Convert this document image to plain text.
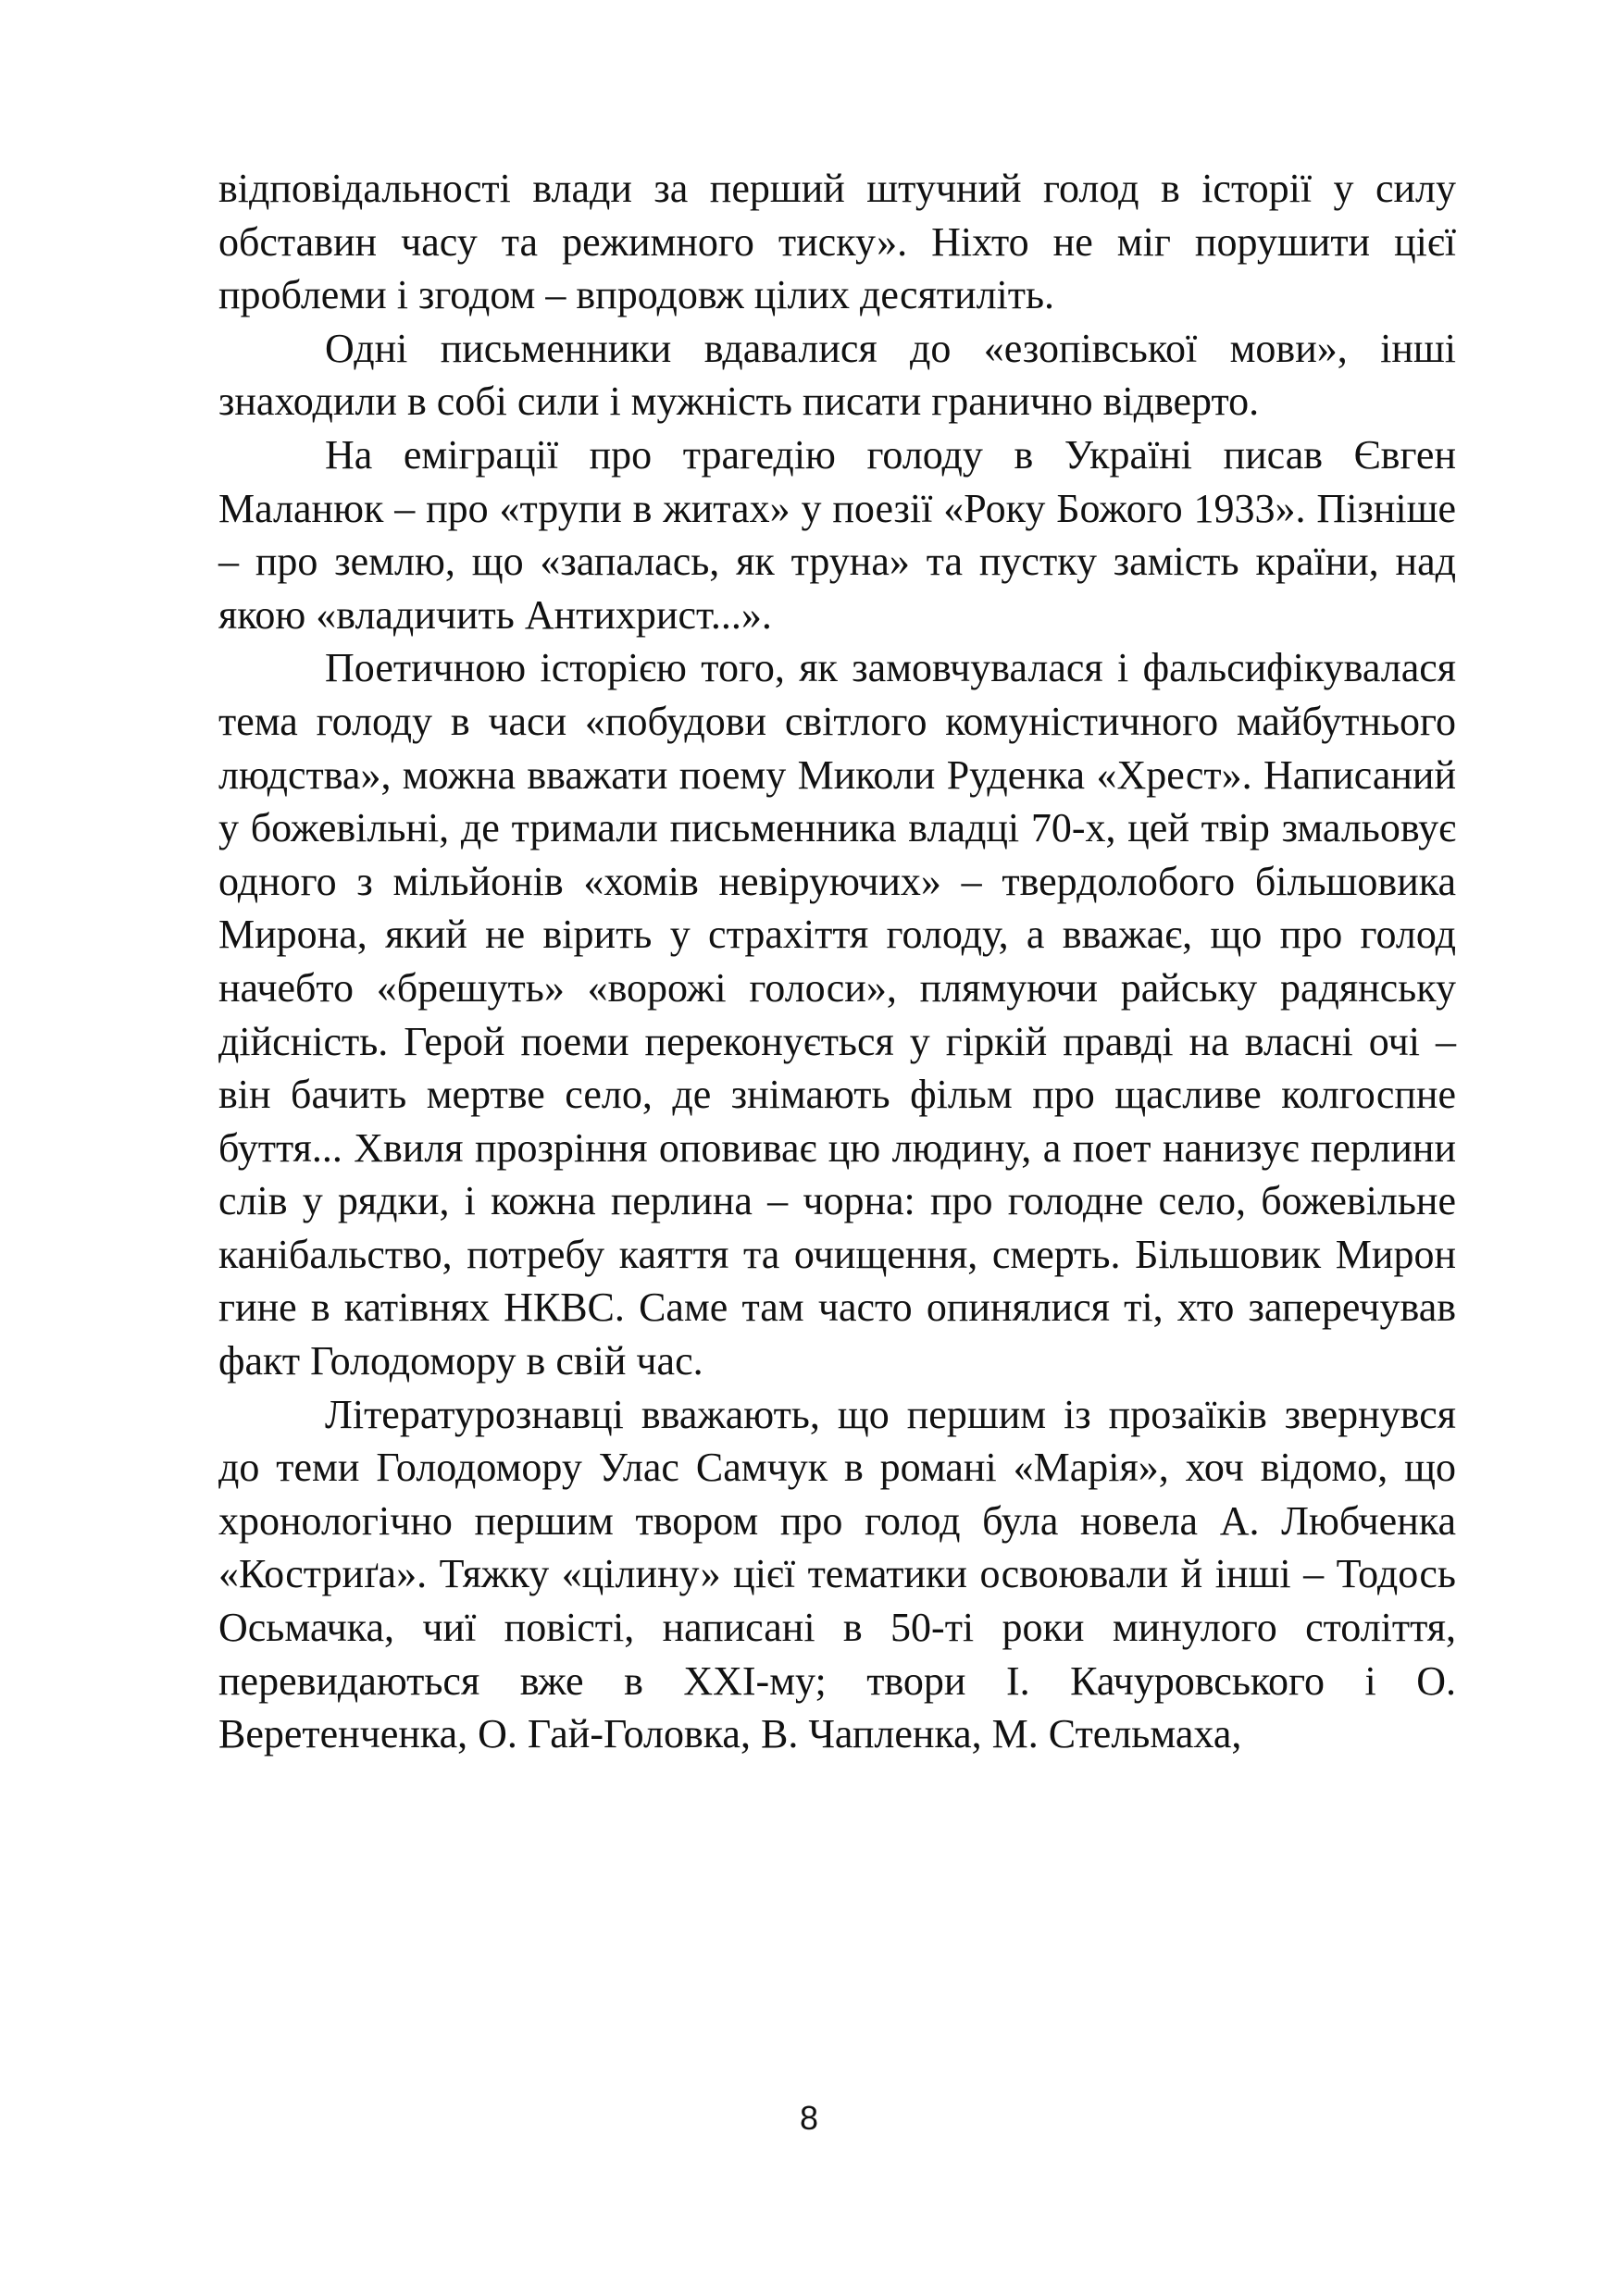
відповідальності влади за перший штучний голод в історії у силу обставин часу та режимного тиску». Ніхто не міг порушити цієї проблеми і згодом – впродовж цілих десятиліть.

Одні письменники вдавалися до «езопівської мови», інші знаходили в собі сили і мужність писати гранично відверто.

На еміграції про трагедію голоду в Україні писав Євген Маланюк – про «трупи в житах» у поезії «Року Божого 1933». Пізніше – про землю, що «запалась, як труна» та пустку замість країни, над якою «владичить Антихрист...».

Поетичною історією того, як замовчувалася і фальсифікувалася тема голоду в часи «побудови світлого комуністичного майбутнього людства», можна вважати поему Миколи Руденка «Хрест». Написаний у божевільні, де тримали письменника владці 70-х, цей твір змальовує одного з мільйонів «хомів невіруючих» – твердолобого більшовика Мирона, який не вірить у страхіття голоду, а вважає, що про голод начебто «брешуть» «ворожі голоси», плямуючи райську радянську дійсність. Герой поеми переконується у гіркій правді на власні очі – він бачить мертве село, де знімають фільм про щасливе колгоспне буття... Хвиля прозріння оповиває цю людину, а поет нанизує перлини слів у рядки, і кожна перлина – чорна: про голодне село, божевільне канібальство, потребу каяття та очищення, смерть. Більшовик Мирон гине в катівнях НКВС. Саме там часто опинялися ті, хто заперечував факт Голодомору в свій час.

Літературознавці вважають, що першим із прозаїків звернувся до теми Голодомору Улас Самчук в романі «Марія», хоч відомо, що хронологічно першим твором про голод була новела А. Любченка «Костриґа». Тяжку «цілину» цієї тематики освоювали й інші – Тодось Осьмачка, чиї повісті, написані в 50-ті роки минулого століття, перевидаються вже в ХХІ-му; твори І. Качуровського і О. Веретенченка, О. Гай-Головка, В. Чапленка, М. Стельмаха,

8
